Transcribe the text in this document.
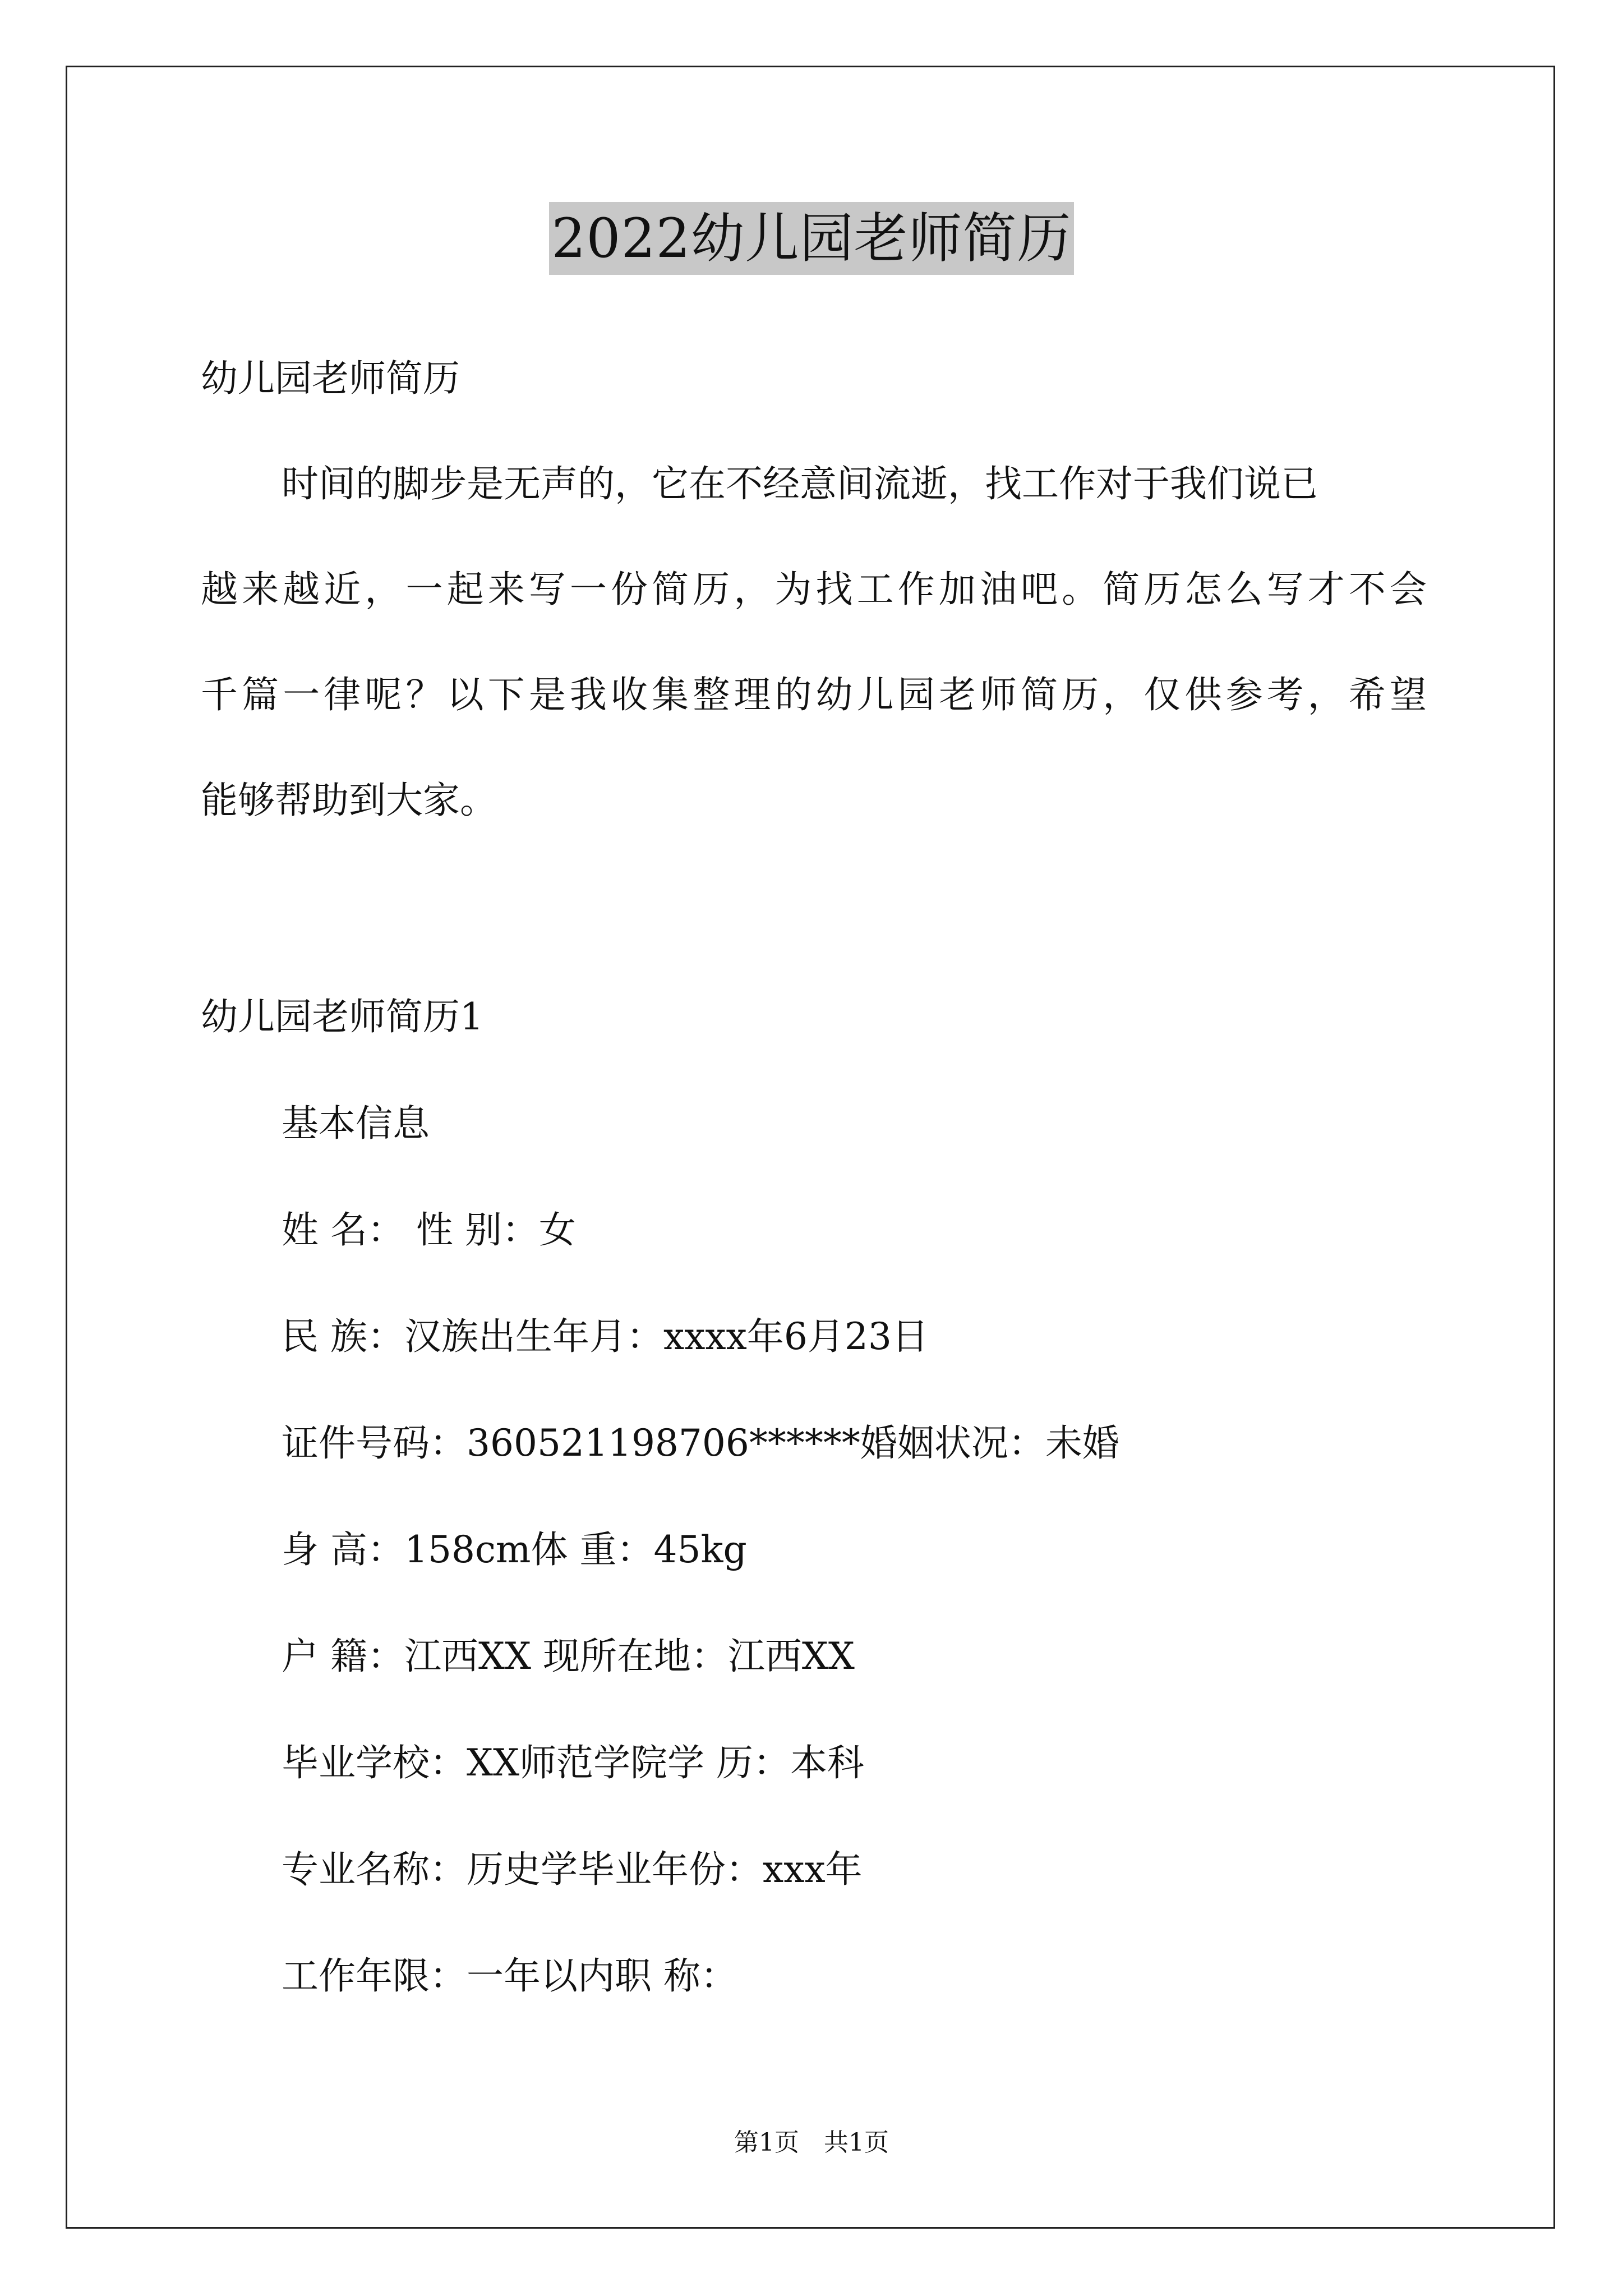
2022幼儿园老师简历
幼儿园老师简历
时间的脚步是无声的，它在不经意间流逝，找工作对于我们说已
越来越近，一起来写一份简历，为找工作加油吧。简历怎么写才不会
千篇一律呢？以下是我收集整理的幼儿园老师简历，仅供参考，希望
能够帮助到大家。
幼儿园老师简历1
基本信息
姓 名： 性 别：女
民 族：汉族出生年月：xxxx年6月23日
证件号码：360521198706******婚姻状况：未婚
身 高：158cm体 重：45kg
户 籍：江西XX 现所在地：江西XX
毕业学校：XX师范学院学 历：本科
专业名称：历史学毕业年份：xxx年
工作年限：一年以内职 称：
第1页　共1页
